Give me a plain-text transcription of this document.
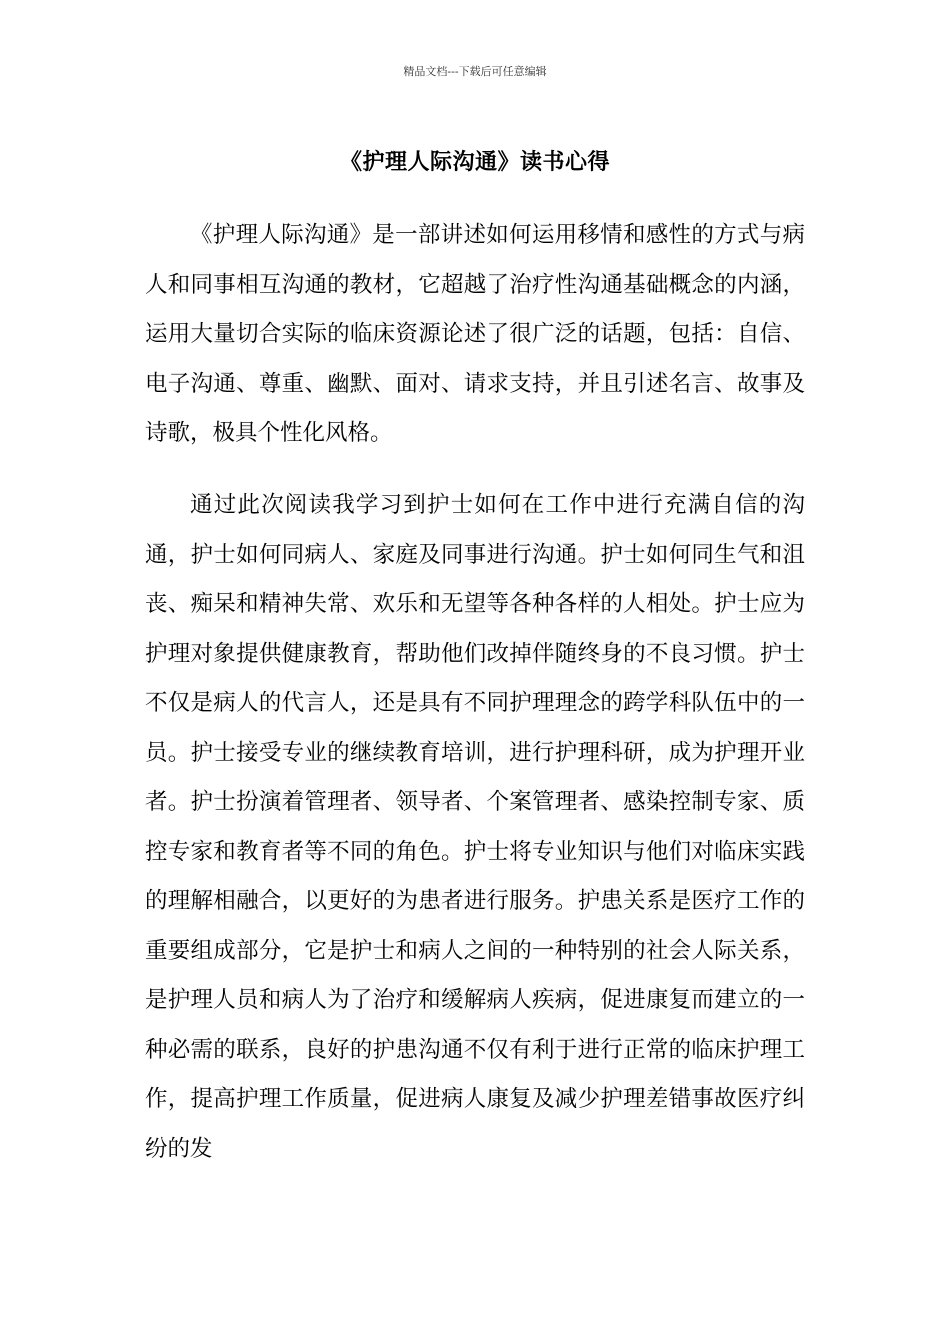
精品文档---下载后可任意编辑
《护理人际沟通》读书心得

《护理人际沟通》是一部讲述如何运用移情和感性的方式与病人和同事相互沟通的教材，它超越了治疗性沟通基础概念的内涵，运用大量切合实际的临床资源论述了很广泛的话题，包括：自信、电子沟通、尊重、幽默、面对、请求支持，并且引述名言、故事及诗歌，极具个性化风格。

通过此次阅读我学习到护士如何在工作中进行充满自信的沟通，护士如何同病人、家庭及同事进行沟通。护士如何同生气和沮丧、痴呆和精神失常、欢乐和无望等各种各样的人相处。护士应为护理对象提供健康教育，帮助他们改掉伴随终身的不良习惯。护士不仅是病人的代言人，还是具有不同护理理念的跨学科队伍中的一员。护士接受专业的继续教育培训，进行护理科研，成为护理开业者。护士扮演着管理者、领导者、个案管理者、感染控制专家、质控专家和教育者等不同的角色。护士将专业知识与他们对临床实践的理解相融合，以更好的为患者进行服务。护患关系是医疗工作的重要组成部分，它是护士和病人之间的一种特别的社会人际关系，是护理人员和病人为了治疗和缓解病人疾病，促进康复而建立的一种必需的联系，良好的护患沟通不仅有利于进行正常的临床护理工作，提高护理工作质量，促进病人康复及减少护理差错事故医疗纠纷的发
